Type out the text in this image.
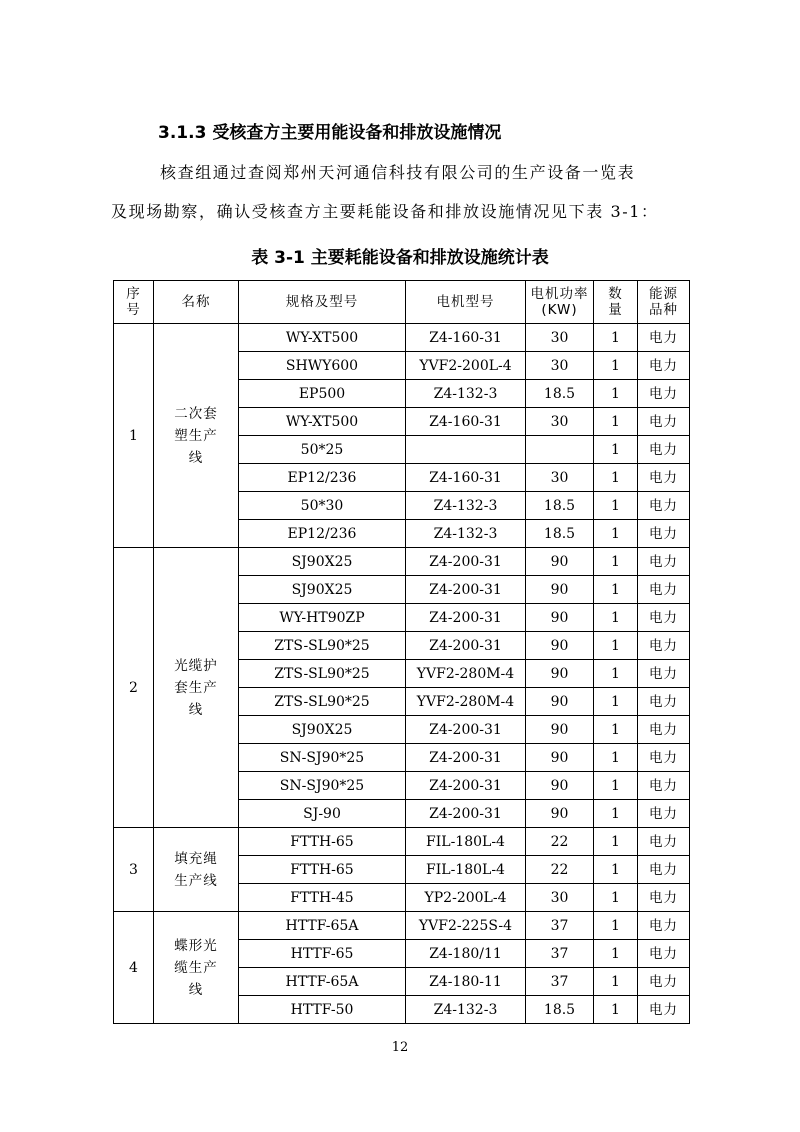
3.1.3 受核查方主要用能设备和排放设施情况
核查组通过查阅郑州天河通信科技有限公司的生产设备一览表
及现场勘察，确认受核查方主要耗能设备和排放设施情况见下表 3-1：
表 3-1 主要耗能设备和排放设施统计表
序号	名称	规格及型号	电机型号	电机功率(KW)	数量	能源品种
1	二次套塑生产线	WY-XT500	Z4-160-31	30	1	电力
		SHWY600	YVF2-200L-4	30	1	电力
		EP500	Z4-132-3	18.5	1	电力
		WY-XT500	Z4-160-31	30	1	电力
		50*25			1	电力
		EP12/236	Z4-160-31	30	1	电力
		50*30	Z4-132-3	18.5	1	电力
		EP12/236	Z4-132-3	18.5	1	电力
2	光缆护套生产线	SJ90X25	Z4-200-31	90	1	电力
		SJ90X25	Z4-200-31	90	1	电力
		WY-HT90ZP	Z4-200-31	90	1	电力
		ZTS-SL90*25	Z4-200-31	90	1	电力
		ZTS-SL90*25	YVF2-280M-4	90	1	电力
		ZTS-SL90*25	YVF2-280M-4	90	1	电力
		SJ90X25	Z4-200-31	90	1	电力
		SN-SJ90*25	Z4-200-31	90	1	电力
		SN-SJ90*25	Z4-200-31	90	1	电力
		SJ-90	Z4-200-31	90	1	电力
3	填充绳生产线	FTTH-65	FIL-180L-4	22	1	电力
		FTTH-65	FIL-180L-4	22	1	电力
		FTTH-45	YP2-200L-4	30	1	电力
4	蝶形光缆生产线	HTTF-65A	YVF2-225S-4	37	1	电力
		HTTF-65	Z4-180/11	37	1	电力
		HTTF-65A	Z4-180-11	37	1	电力
		HTTF-50	Z4-132-3	18.5	1	电力
12
